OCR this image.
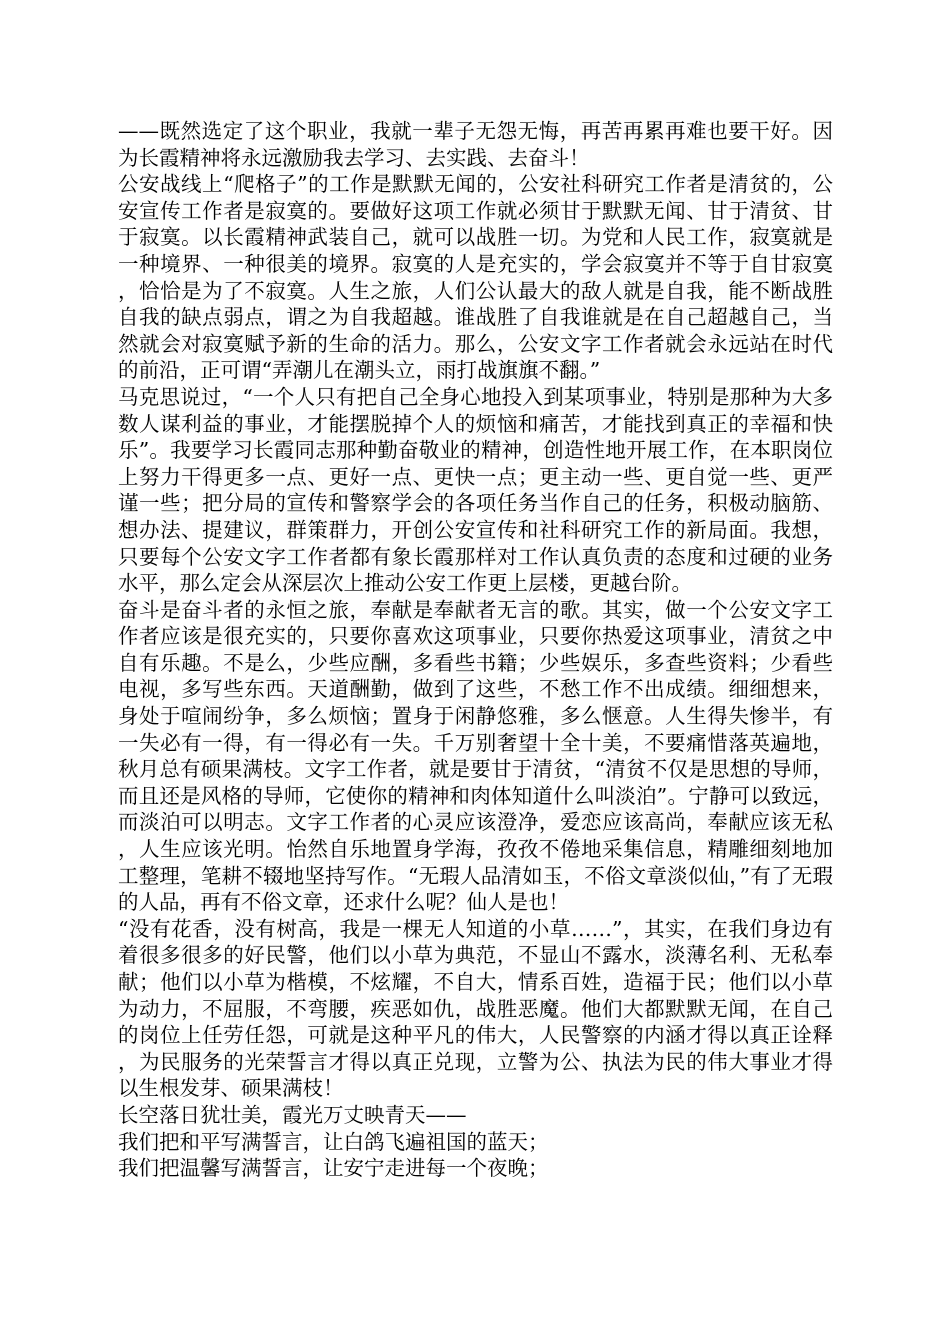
——既然选定了这个职业，我就一辈子无怨无悔，再苦再累再难也要干好。因为长霞精神将永远激励我去学习、去实践、去奋斗！

公安战线上“爬格子”的工作是默默无闻的，公安社科研究工作者是清贫的，公安宣传工作者是寂寞的。要做好这项工作就必须甘于默默无闻、甘于清贫、甘于寂寞。以长霞精神武装自己，就可以战胜一切。为党和人民工作，寂寞就是一种境界、一种很美的境界。寂寞的人是充实的，学会寂寞并不等于自甘寂寞，恰恰是为了不寂寞。人生之旅，人们公认最大的敌人就是自我，能不断战胜自我的缺点弱点，谓之为自我超越。谁战胜了自我谁就是在自己超越自己，当然就会对寂寞赋予新的生命的活力。那么，公安文字工作者就会永远站在时代的前沿，正可谓“弄潮儿在潮头立，雨打战旗旗不翻。”

马克思说过，“一个人只有把自己全身心地投入到某项事业，特别是那种为大多数人谋利益的事业，才能摆脱掉个人的烦恼和痛苦，才能找到真正的幸福和快乐”。我要学习长霞同志那种勤奋敬业的精神，创造性地开展工作，在本职岗位上努力干得更多一点、更好一点、更快一点；更主动一些、更自觉一些、更严谨一些；把分局的宣传和警察学会的各项任务当作自己的任务，积极动脑筋、想办法、提建议，群策群力，开创公安宣传和社科研究工作的新局面。我想，只要每个公安文字工作者都有象长霞那样对工作认真负责的态度和过硬的业务水平，那么定会从深层次上推动公安工作更上层楼，更越台阶。

奋斗是奋斗者的永恒之旅，奉献是奉献者无言的歌。其实，做一个公安文字工作者应该是很充实的，只要你喜欢这项事业，只要你热爱这项事业，清贫之中自有乐趣。不是么，少些应酬，多看些书籍；少些娱乐，多查些资料；少看些电视，多写些东西。天道酬勤，做到了这些，不愁工作不出成绩。细细想来，身处于喧闹纷争，多么烦恼；置身于闲静悠雅，多么惬意。人生得失惨半，有一失必有一得，有一得必有一失。千万别奢望十全十美，不要痛惜落英遍地，秋月总有硕果满枝。文字工作者，就是要甘于清贫，“清贫不仅是思想的导师，而且还是风格的导师，它使你的精神和肉体知道什么叫淡泊”。宁静可以致远，而淡泊可以明志。文字工作者的心灵应该澄净，爱恋应该高尚，奉献应该无私，人生应该光明。怡然自乐地置身学海，孜孜不倦地采集信息，精雕细刻地加工整理，笔耕不辍地坚持写作。“无瑕人品清如玉，不俗文章淡似仙，”有了无瑕的人品，再有不俗文章，还求什么呢？仙人是也！

“没有花香，没有树高，我是一棵无人知道的小草……”，其实，在我们身边有着很多很多的好民警，他们以小草为典范，不显山不露水，淡薄名利、无私奉献；他们以小草为楷模，不炫耀，不自大，情系百姓，造福于民；他们以小草为动力，不屈服，不弯腰，疾恶如仇，战胜恶魔。他们大都默默无闻，在自己的岗位上任劳任怨，可就是这种平凡的伟大，人民警察的内涵才得以真正诠释，为民服务的光荣誓言才得以真正兑现，立警为公、执法为民的伟大事业才得以生根发芽、硕果满枝！

长空落日犹壮美，霞光万丈映青天——

我们把和平写满誓言，让白鸽飞遍祖国的蓝天；

我们把温馨写满誓言，让安宁走进每一个夜晚；
